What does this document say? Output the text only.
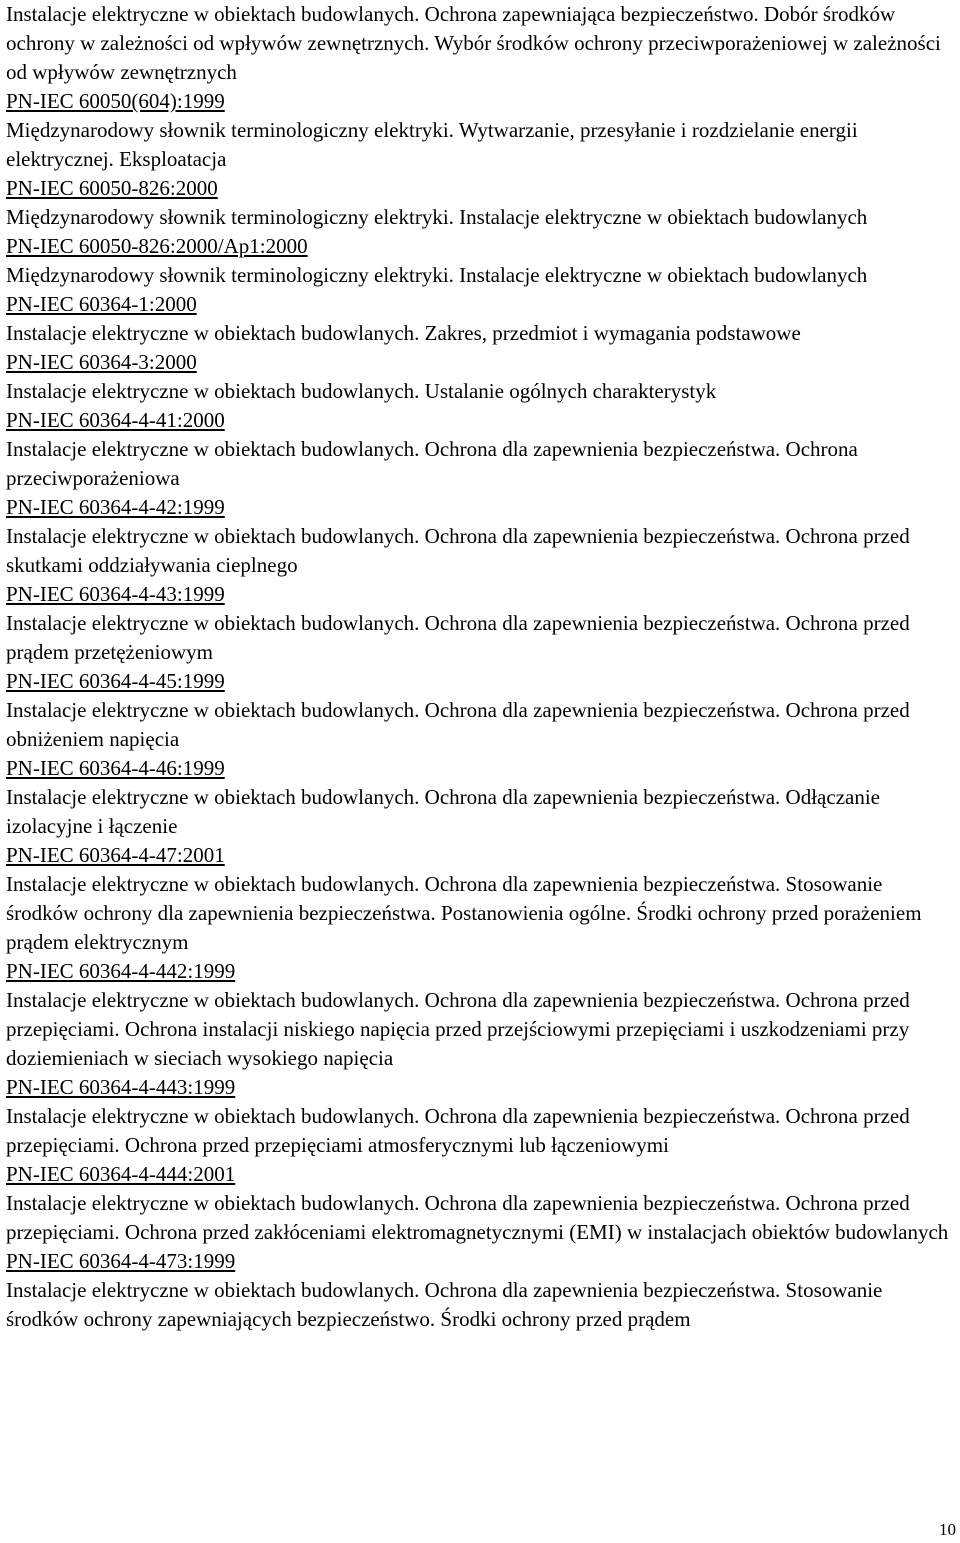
Instalacje elektryczne w obiektach budowlanych. Ochrona zapewniająca bezpieczeństwo. Dobór środków ochrony w zależności od wpływów zewnętrznych. Wybór środków ochrony przeciwporażeniowej w zależności od wpływów zewnętrznych

PN-IEC 60050(604):1999

Międzynarodowy słownik terminologiczny elektryki. Wytwarzanie, przesyłanie i rozdzielanie energii elektrycznej. Eksploatacja

PN-IEC 60050-826:2000

Międzynarodowy słownik terminologiczny elektryki. Instalacje elektryczne w obiektach budowlanych

PN-IEC 60050-826:2000/Ap1:2000

Międzynarodowy słownik terminologiczny elektryki. Instalacje elektryczne w obiektach budowlanych

PN-IEC 60364-1:2000

Instalacje elektryczne w obiektach budowlanych. Zakres, przedmiot i wymagania podstawowe

PN-IEC 60364-3:2000

Instalacje elektryczne w obiektach budowlanych. Ustalanie ogólnych charakterystyk

PN-IEC 60364-4-41:2000

Instalacje elektryczne w obiektach budowlanych. Ochrona dla zapewnienia bezpieczeństwa. Ochrona przeciwporażeniowa

PN-IEC 60364-4-42:1999

Instalacje elektryczne w obiektach budowlanych. Ochrona dla zapewnienia bezpieczeństwa. Ochrona przed skutkami oddziaływania cieplnego

PN-IEC 60364-4-43:1999

Instalacje elektryczne w obiektach budowlanych. Ochrona dla zapewnienia bezpieczeństwa. Ochrona przed prądem przetężeniowym

PN-IEC 60364-4-45:1999

Instalacje elektryczne w obiektach budowlanych. Ochrona dla zapewnienia bezpieczeństwa. Ochrona przed obniżeniem napięcia

PN-IEC 60364-4-46:1999

Instalacje elektryczne w obiektach budowlanych. Ochrona dla zapewnienia bezpieczeństwa. Odłączanie izolacyjne i łączenie

PN-IEC 60364-4-47:2001

Instalacje elektryczne w obiektach budowlanych. Ochrona dla zapewnienia bezpieczeństwa. Stosowanie środków ochrony dla zapewnienia bezpieczeństwa. Postanowienia ogólne. Środki ochrony przed porażeniem prądem elektrycznym

PN-IEC 60364-4-442:1999

Instalacje elektryczne w obiektach budowlanych. Ochrona dla zapewnienia bezpieczeństwa. Ochrona przed przepięciami. Ochrona instalacji niskiego napięcia przed przejściowymi przepięciami i uszkodzeniami przy doziemieniach w sieciach wysokiego napięcia

PN-IEC 60364-4-443:1999

Instalacje elektryczne w obiektach budowlanych. Ochrona dla zapewnienia bezpieczeństwa. Ochrona przed przepięciami. Ochrona przed przepięciami atmosferycznymi lub łączeniowymi

PN-IEC 60364-4-444:2001

Instalacje elektryczne w obiektach budowlanych. Ochrona dla zapewnienia bezpieczeństwa. Ochrona przed przepięciami. Ochrona przed zakłóceniami elektromagnetycznymi (EMI) w instalacjach obiektów budowlanych

PN-IEC 60364-4-473:1999

Instalacje elektryczne w obiektach budowlanych. Ochrona dla zapewnienia bezpieczeństwa. Stosowanie środków ochrony zapewniających bezpieczeństwo. Środki ochrony przed prądem

10
